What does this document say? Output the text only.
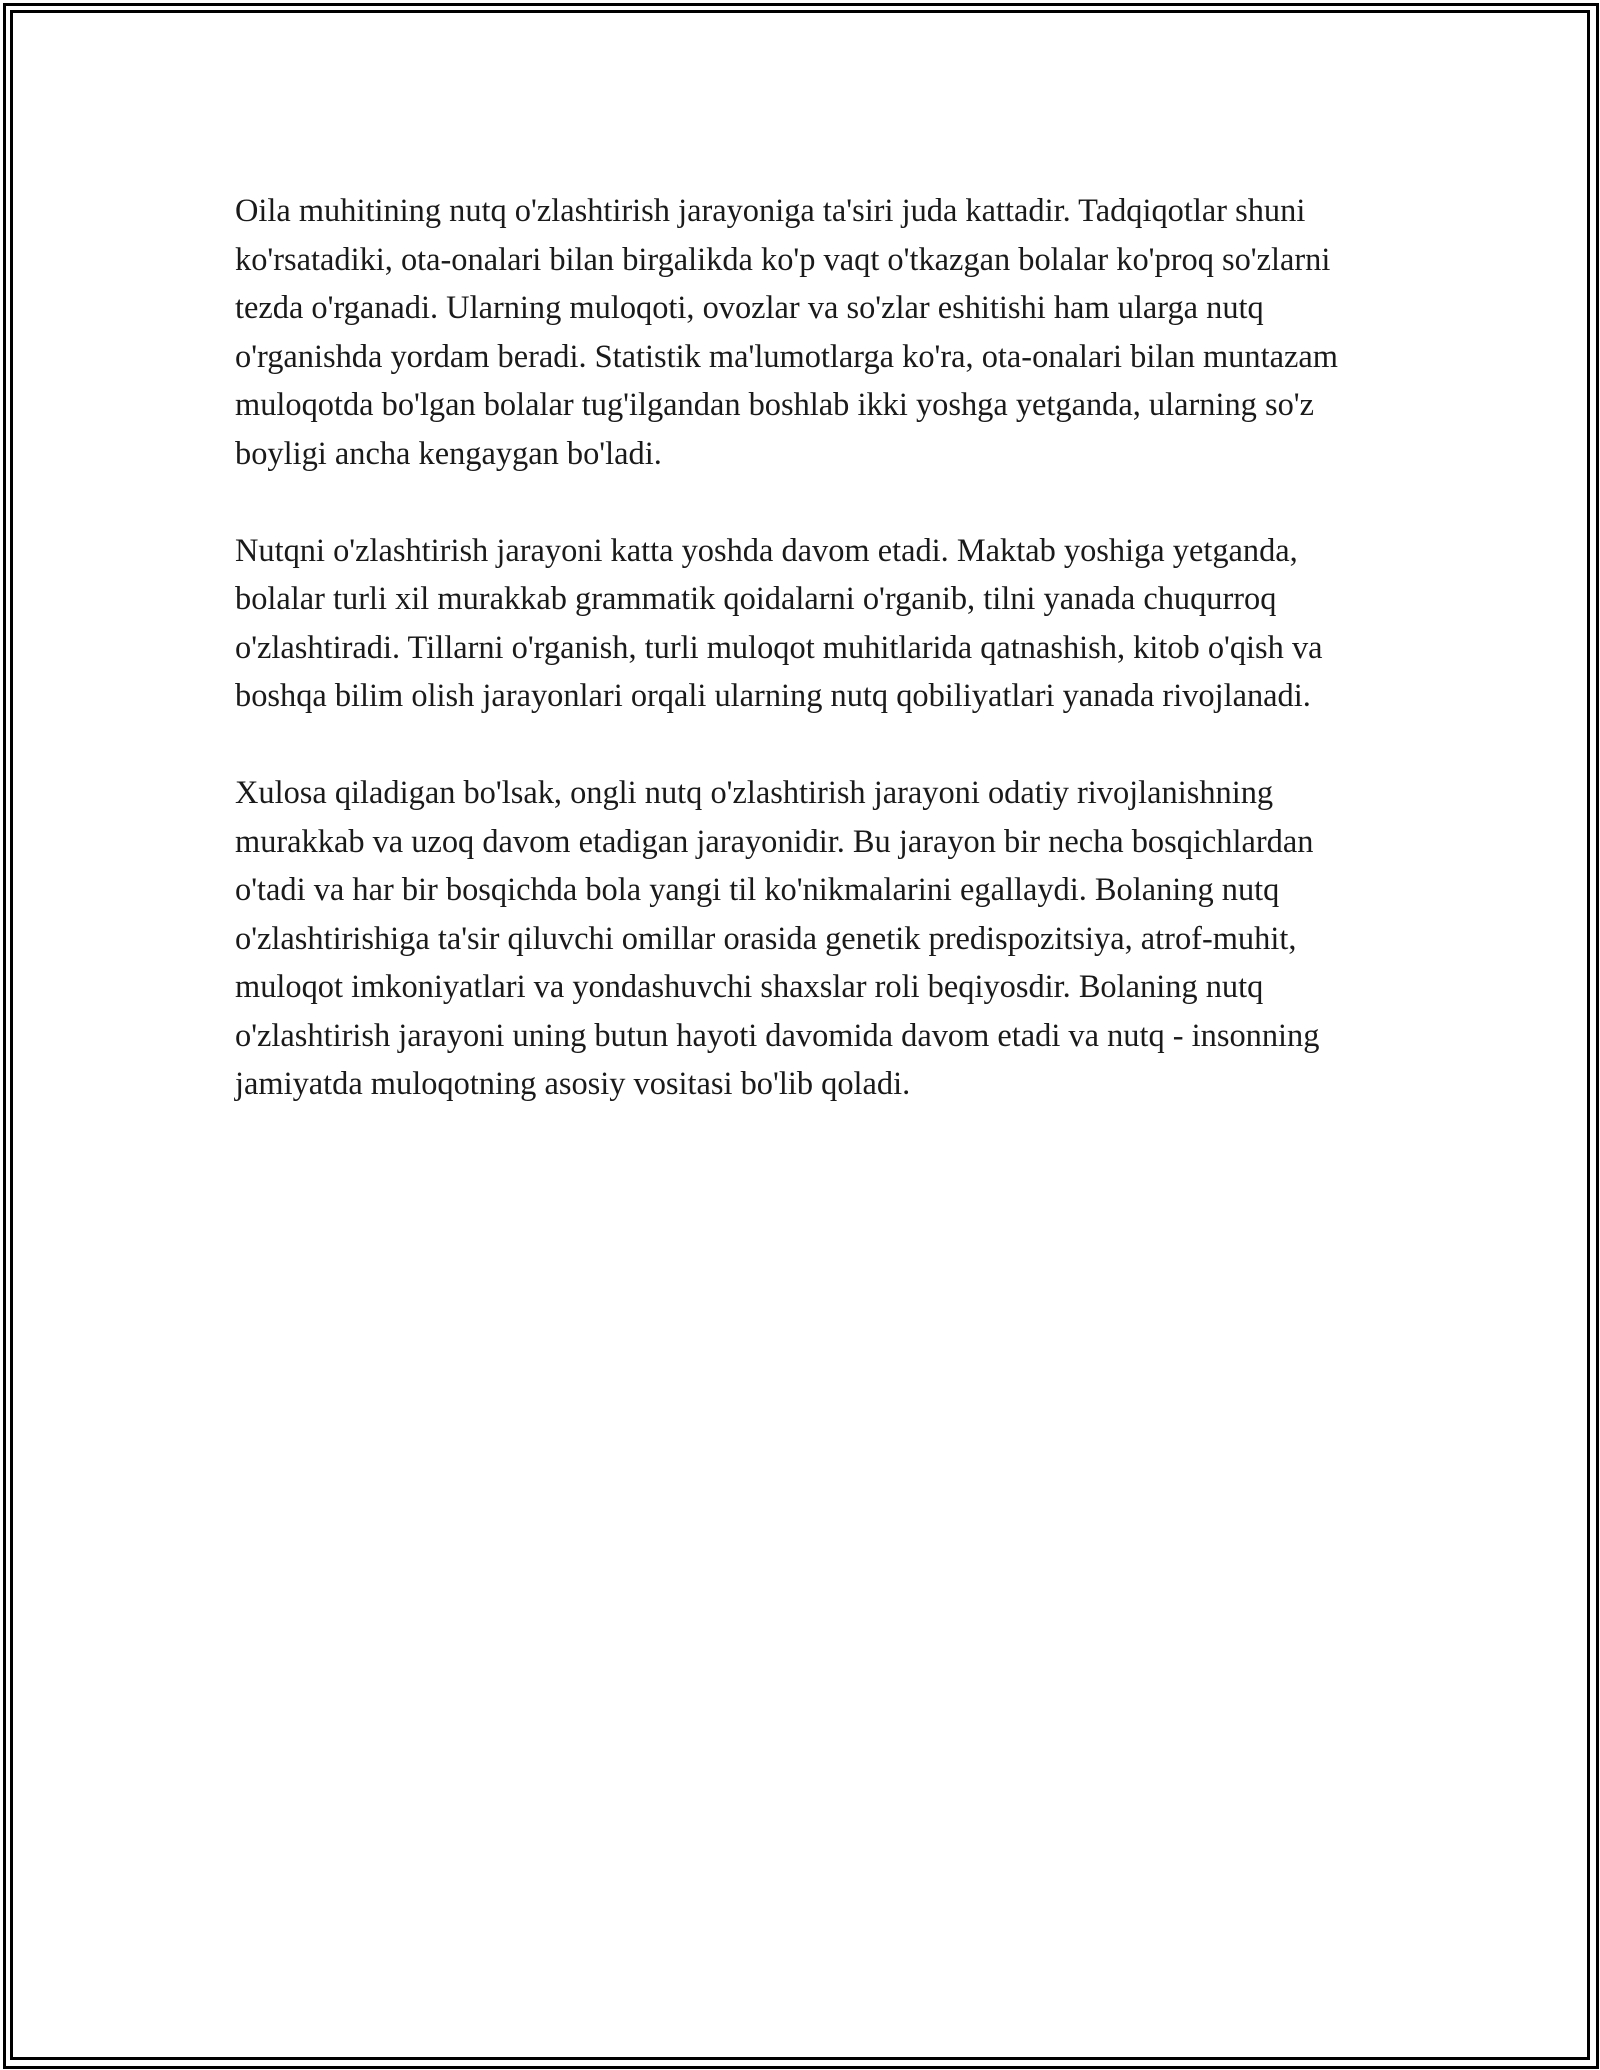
Oila muhitining nutq o'zlashtirish jarayoniga ta'siri juda kattadir. Tadqiqotlar shuni ko'rsatadiki, ota-onalari bilan birgalikda ko'p vaqt o'tkazgan bolalar ko'proq so'zlarni tezda o'rganadi. Ularning muloqoti, ovozlar va so'zlar eshitishi ham ularga nutq o'rganishda yordam beradi. Statistik ma'lumotlarga ko'ra, ota-onalari bilan muntazam muloqotda bo'lgan bolalar tug'ilgandan boshlab ikki yoshga yetganda, ularning so'z boyligi ancha kengaygan bo'ladi.

Nutqni o'zlashtirish jarayoni katta yoshda davom etadi. Maktab yoshiga yetganda, bolalar turli xil murakkab grammatik qoidalarni o'rganib, tilni yanada chuqurroq o'zlashtiradi. Tillarni o'rganish, turli muloqot muhitlarida qatnashish, kitob o'qish va boshqa bilim olish jarayonlari orqali ularning nutq qobiliyatlari yanada rivojlanadi.

Xulosa qiladigan bo'lsak, ongli nutq o'zlashtirish jarayoni odatiy rivojlanishning murakkab va uzoq davom etadigan jarayonidir. Bu jarayon bir necha bosqichlardan o'tadi va har bir bosqichda bola yangi til ko'nikmalarini egallaydi. Bolaning nutq o'zlashtirishiga ta'sir qiluvchi omillar orasida genetik predispozitsiya, atrof-muhit, muloqot imkoniyatlari va yondashuvchi shaxslar roli beqiyosdir. Bolaning nutq o'zlashtirish jarayoni uning butun hayoti davomida davom etadi va nutq - insonning jamiyatda muloqotning asosiy vositasi bo'lib qoladi.
